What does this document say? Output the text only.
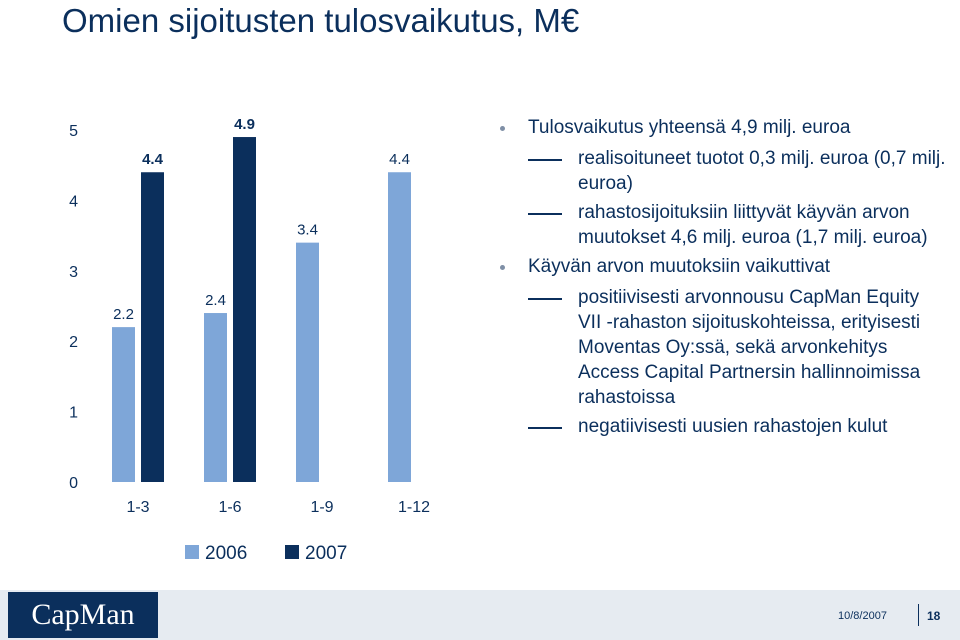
Omien sijoitusten tulosvaikutus, M€
0
1
2
3
4
5
2.2
4.4
1-3
2.4
4.9
1-6
3.4
1-9
4.4
1-12
2006	2007
Tulosvaikutus yhteensä 4,9 milj. euroa
realisoituneet tuotot 0,3 milj. euroa (0,7 milj. euroa)
rahastosijoituksiin liittyvät käyvän arvon muutokset 4,6 milj. euroa (1,7 milj. euroa)
Käyvän arvon muutoksiin vaikuttivat
positiivisesti arvonnousu CapMan Equity VII -rahaston sijoituskohteissa, erityisesti Moventas Oy:ssä, sekä arvonkehitys Access Capital Partnersin hallinnoimissa rahastoissa
negatiivisesti uusien rahastojen kulut
CapMan	10/8/2007	18
